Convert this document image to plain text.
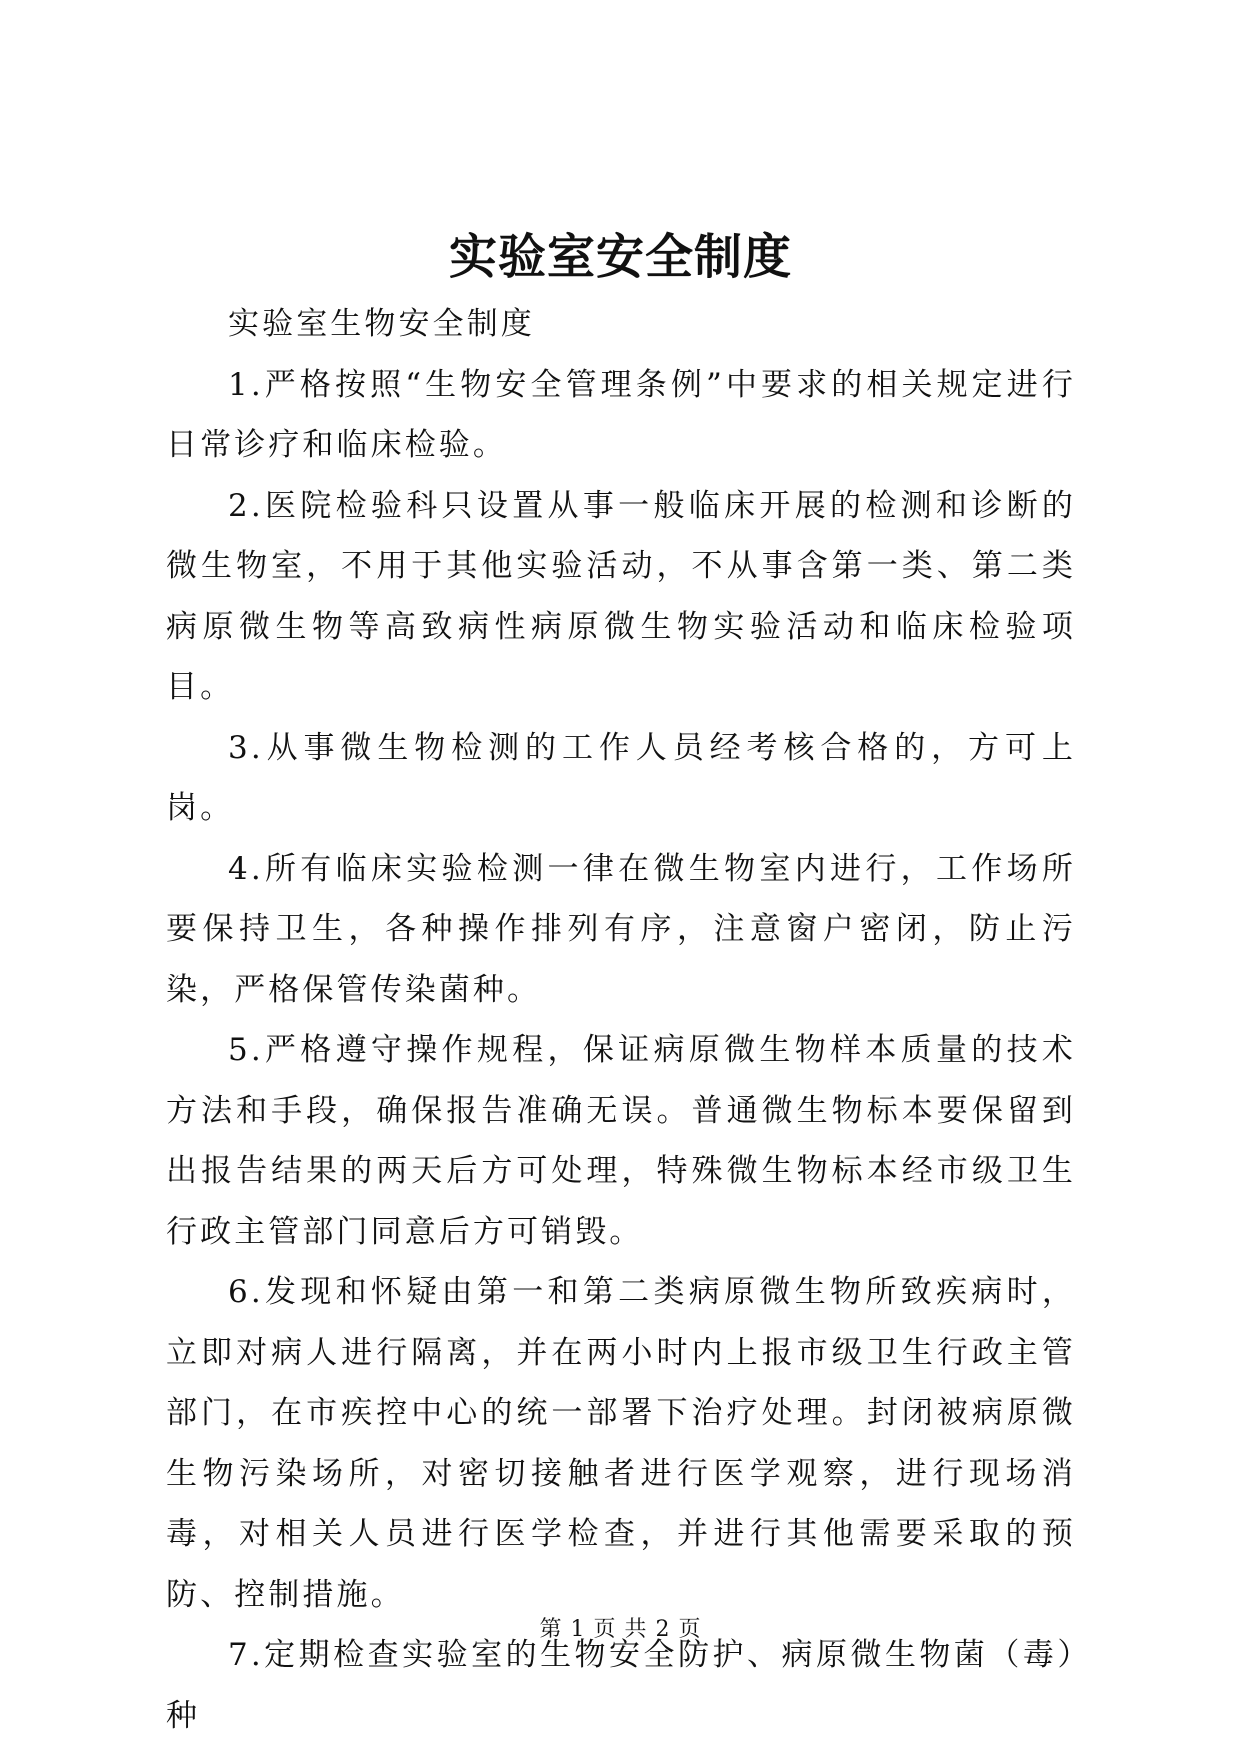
实验室安全制度

实验室生物安全制度

1.严格按照“生物安全管理条例”中要求的相关规定进行日常诊疗和临床检验。

2.医院检验科只设置从事一般临床开展的检测和诊断的微生物室，不用于其他实验活动，不从事含第一类、第二类病原微生物等高致病性病原微生物实验活动和临床检验项目。

3.从事微生物检测的工作人员经考核合格的，方可上岗。

4.所有临床实验检测一律在微生物室内进行，工作场所要保持卫生，各种操作排列有序，注意窗户密闭，防止污染，严格保管传染菌种。

5.严格遵守操作规程，保证病原微生物样本质量的技术方法和手段，确保报告准确无误。普通微生物标本要保留到出报告结果的两天后方可处理，特殊微生物标本经市级卫生行政主管部门同意后方可销毁。

6.发现和怀疑由第一和第二类病原微生物所致疾病时，立即对病人进行隔离，并在两小时内上报市级卫生行政主管部门，在市疾控中心的统一部署下治疗处理。封闭被病原微生物污染场所，对密切接触者进行医学观察，进行现场消毒，对相关人员进行医学检查，并进行其他需要采取的预防、控制措施。

7.定期检查实验室的生物安全防护、病原微生物菌（毒）种

第 1 页 共 2 页
